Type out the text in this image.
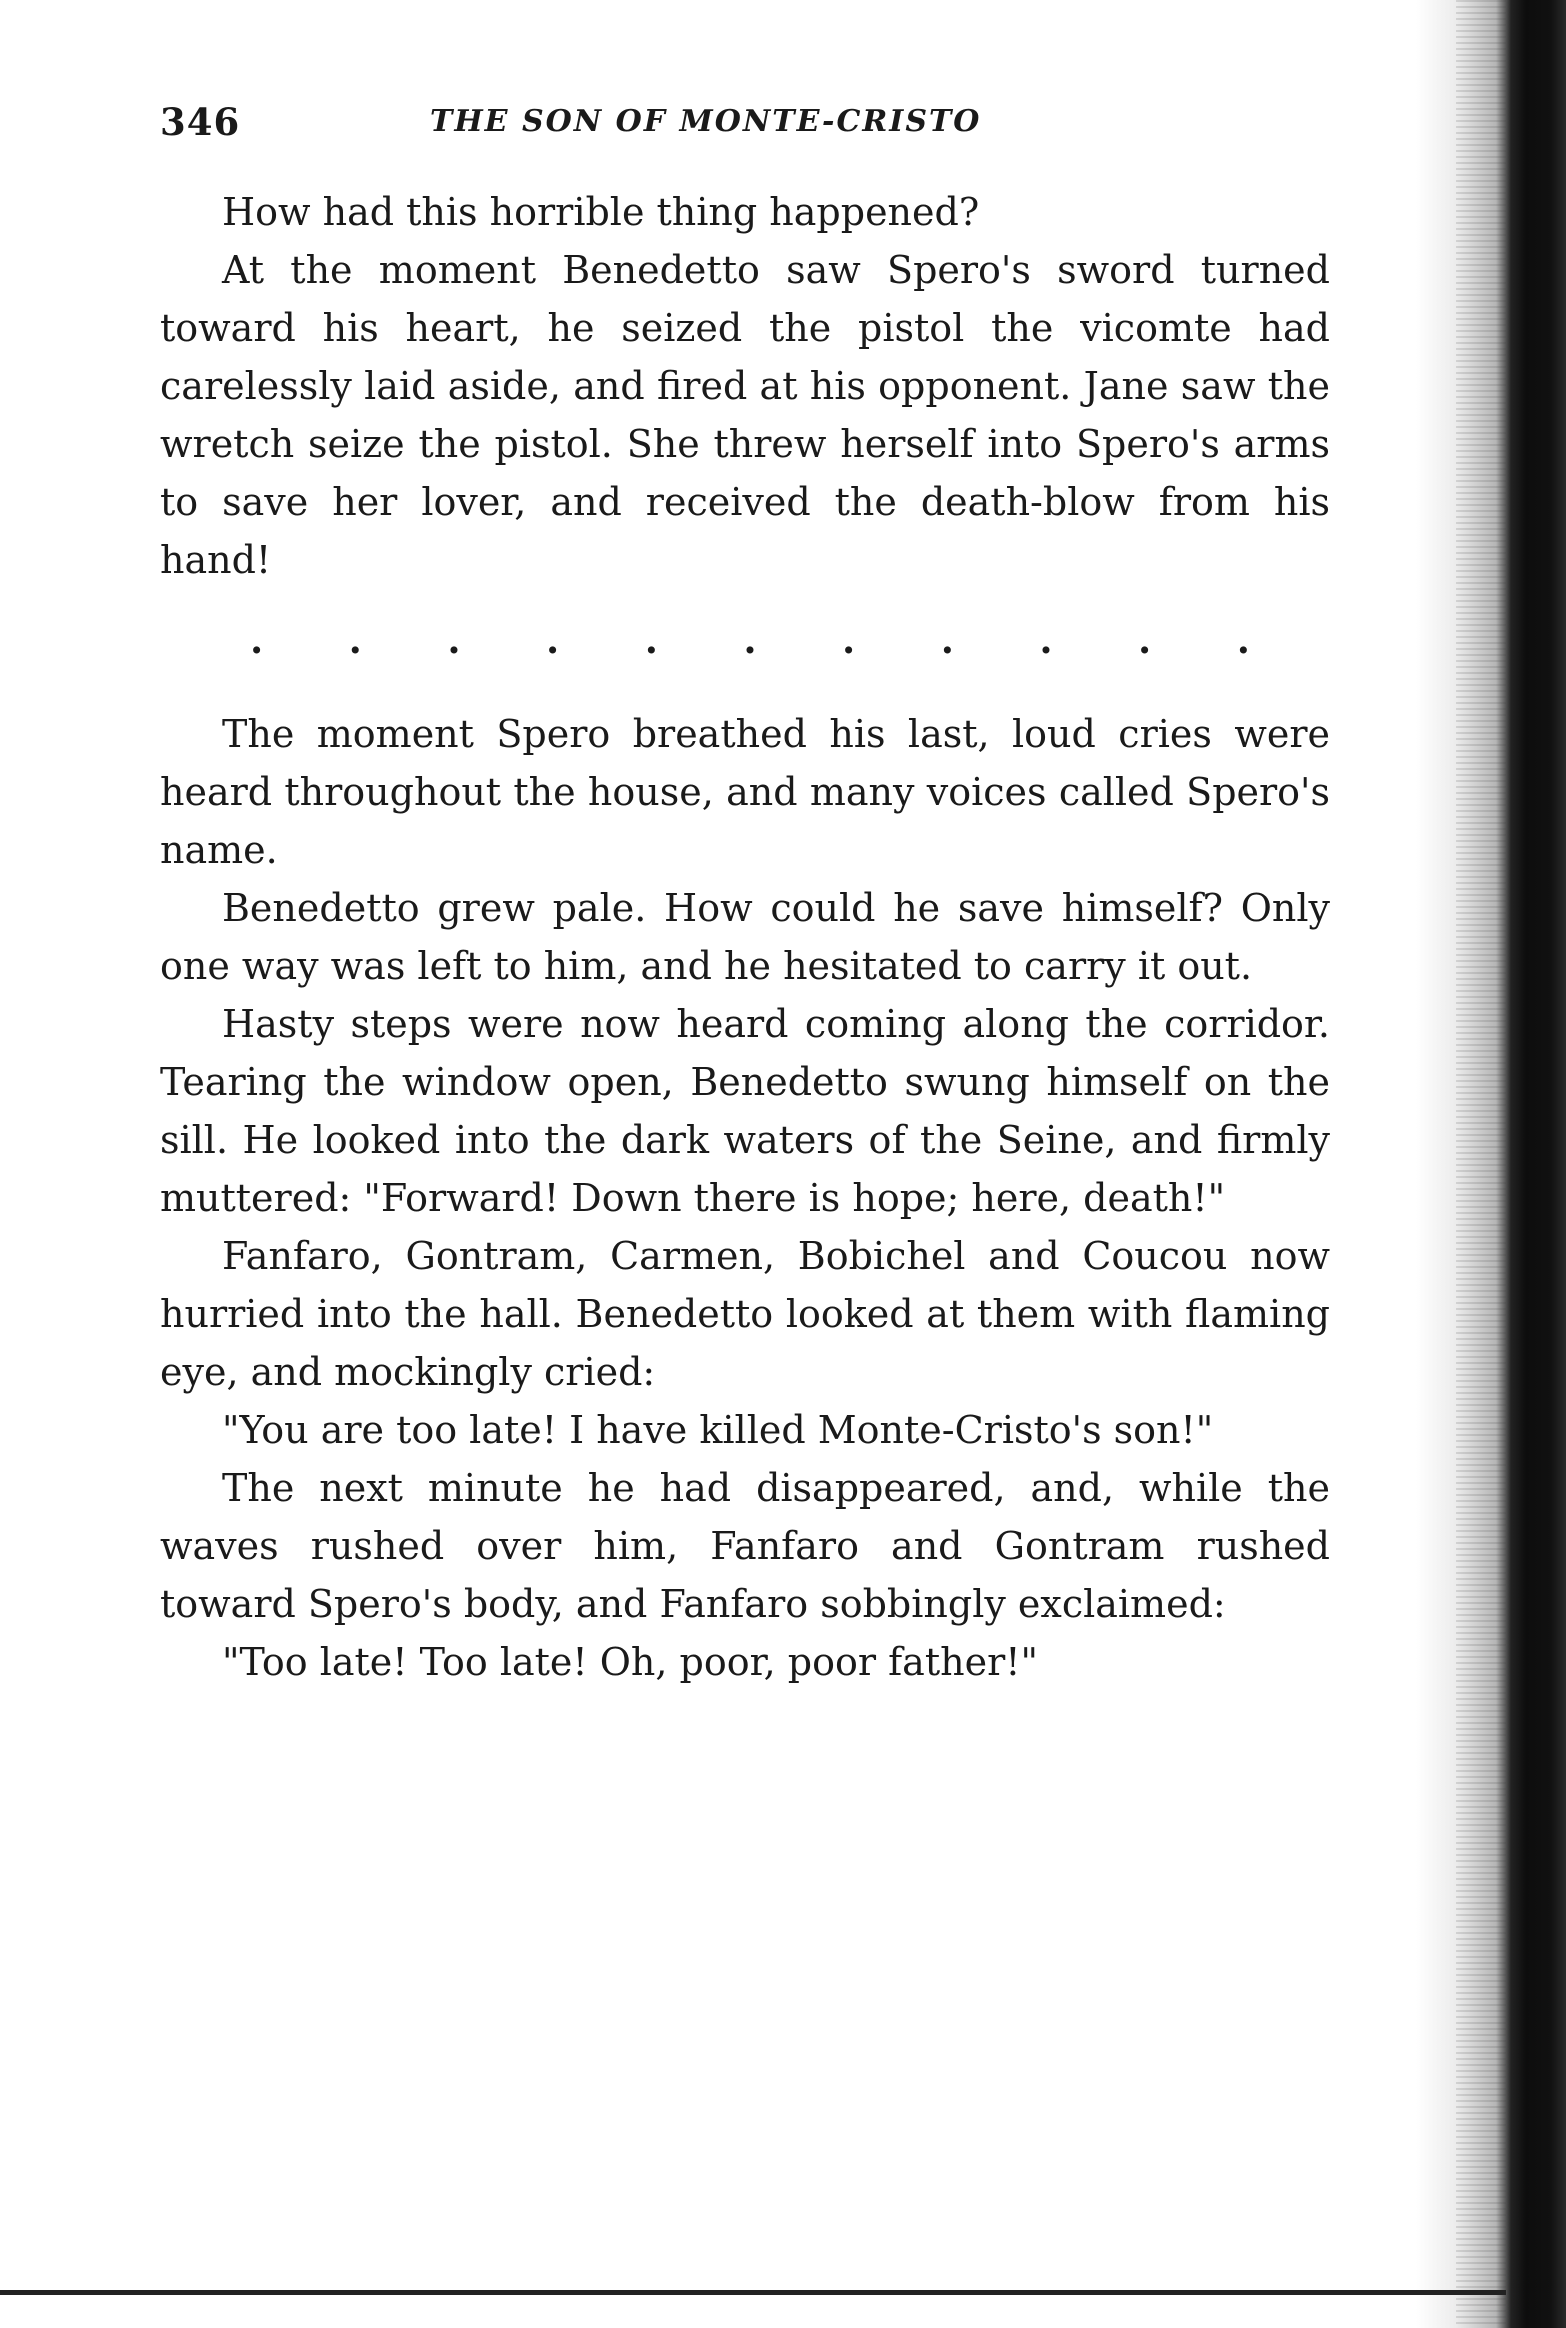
346	THE SON OF MONTE-CRISTO

How had this horrible thing happened?

At the moment Benedetto saw Spero's sword turned toward his heart, he seized the pistol the vicomte had carelessly laid aside, and fired at his opponent. Jane saw the wretch seize the pistol. She threw herself into Spero's arms to save her lover, and received the death-blow from his hand!

. . . . . . . . . . .

The moment Spero breathed his last, loud cries were heard throughout the house, and many voices called Spero's name.

Benedetto grew pale. How could he save himself? Only one way was left to him, and he hesitated to carry it out.

Hasty steps were now heard coming along the corridor. Tearing the window open, Benedetto swung himself on the sill. He looked into the dark waters of the Seine, and firmly muttered: "Forward! Down there is hope; here, death!"

Fanfaro, Gontram, Carmen, Bobichel and Coucou now hurried into the hall. Benedetto looked at them with flaming eye, and mockingly cried:

"You are too late! I have killed Monte-Cristo's son!"

The next minute he had disappeared, and, while the waves rushed over him, Fanfaro and Gontram rushed toward Spero's body, and Fanfaro sobbingly exclaimed:

"Too late! Too late! Oh, poor, poor father!"
